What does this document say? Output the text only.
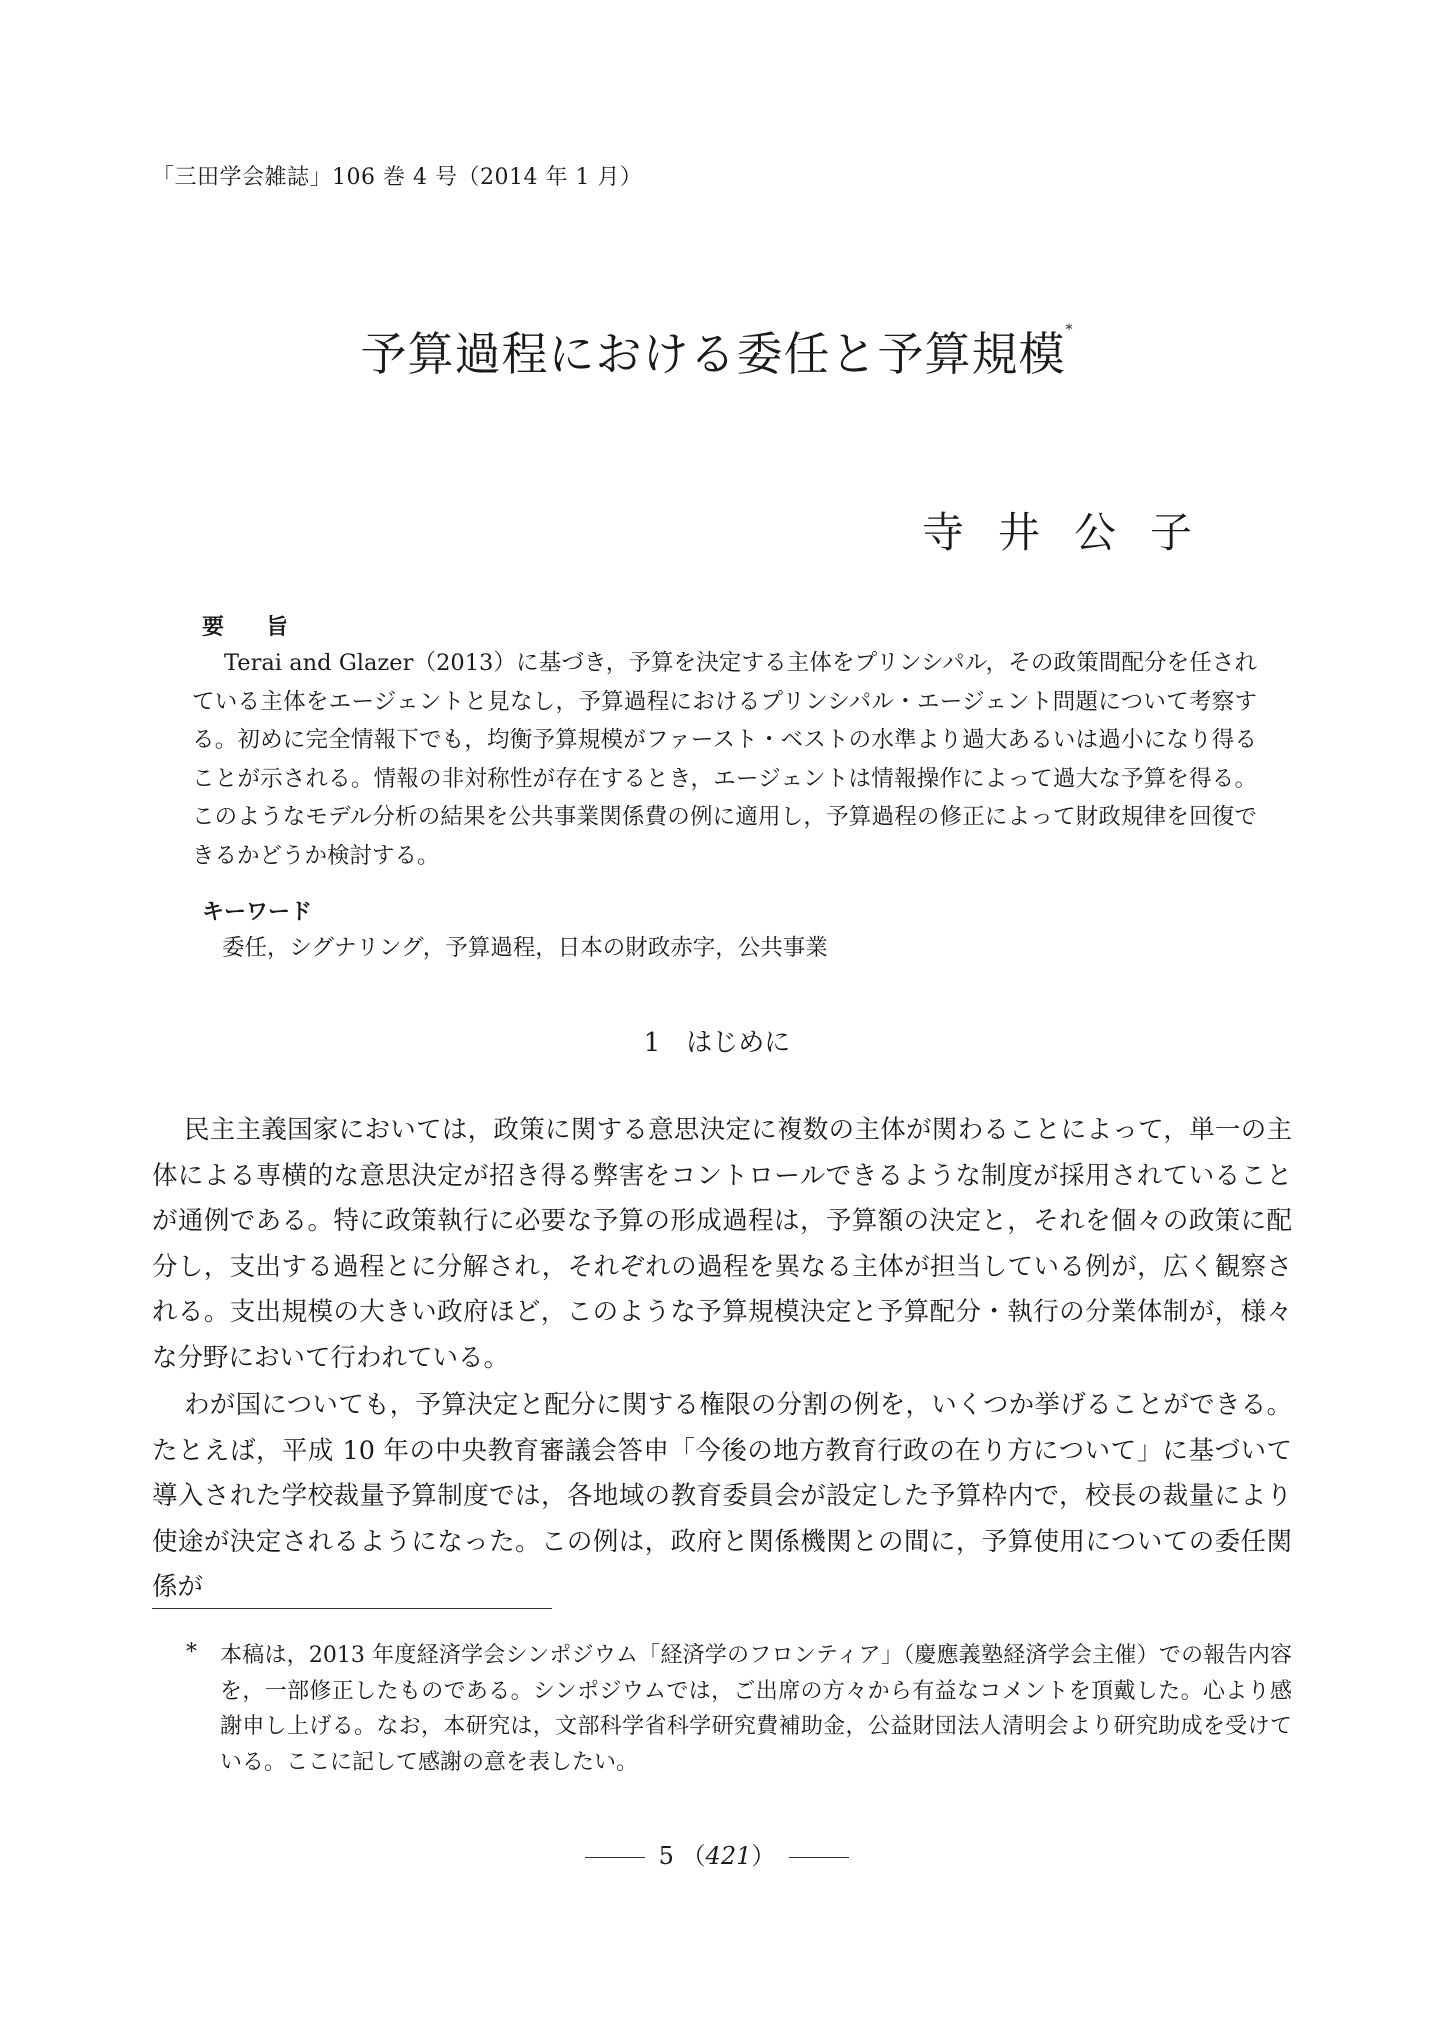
「三田学会雑誌」106 巻 4 号（2014 年 1 月）
予算過程における委任と予算規模*
寺井公子
要旨

Terai and Glazer（2013）に基づき，予算を決定する主体をプリンシパル，その政策間配分を任されている主体をエージェントと見なし，予算過程におけるプリンシパル・エージェント問題について考察する。初めに完全情報下でも，均衡予算規模がファースト・ベストの水準より過大あるいは過小になり得ることが示される。情報の非対称性が存在するとき，エージェントは情報操作によって過大な予算を得る。このようなモデル分析の結果を公共事業関係費の例に適用し，予算過程の修正によって財政規律を回復できるかどうか検討する。

キーワード
委任，シグナリング，予算過程，日本の財政赤字，公共事業
1 はじめに

民主主義国家においては，政策に関する意思決定に複数の主体が関わることによって，単一の主体による専横的な意思決定が招き得る弊害をコントロールできるような制度が採用されていることが通例である。特に政策執行に必要な予算の形成過程は，予算額の決定と，それを個々の政策に配分し，支出する過程とに分解され，それぞれの過程を異なる主体が担当している例が，広く観察される。支出規模の大きい政府ほど，このような予算規模決定と予算配分・執行の分業体制が，様々な分野において行われている。

わが国についても，予算決定と配分に関する権限の分割の例を，いくつか挙げることができる。たとえば，平成 10 年の中央教育審議会答申「今後の地方教育行政の在り方について」に基づいて導入された学校裁量予算制度では，各地域の教育委員会が設定した予算枠内で，校長の裁量により使途が決定されるようになった。この例は，政府と関係機関との間に，予算使用についての委任関係が

* 本稿は，2013 年度経済学会シンポジウム「経済学のフロンティア」（慶應義塾経済学会主催）での報告内容を，一部修正したものである。シンポジウムでは，ご出席の方々から有益なコメントを頂戴した。心より感謝申し上げる。なお，本研究は，文部科学省科学研究費補助金，公益財団法人清明会より研究助成を受けている。ここに記して感謝の意を表したい。

5 （421）
